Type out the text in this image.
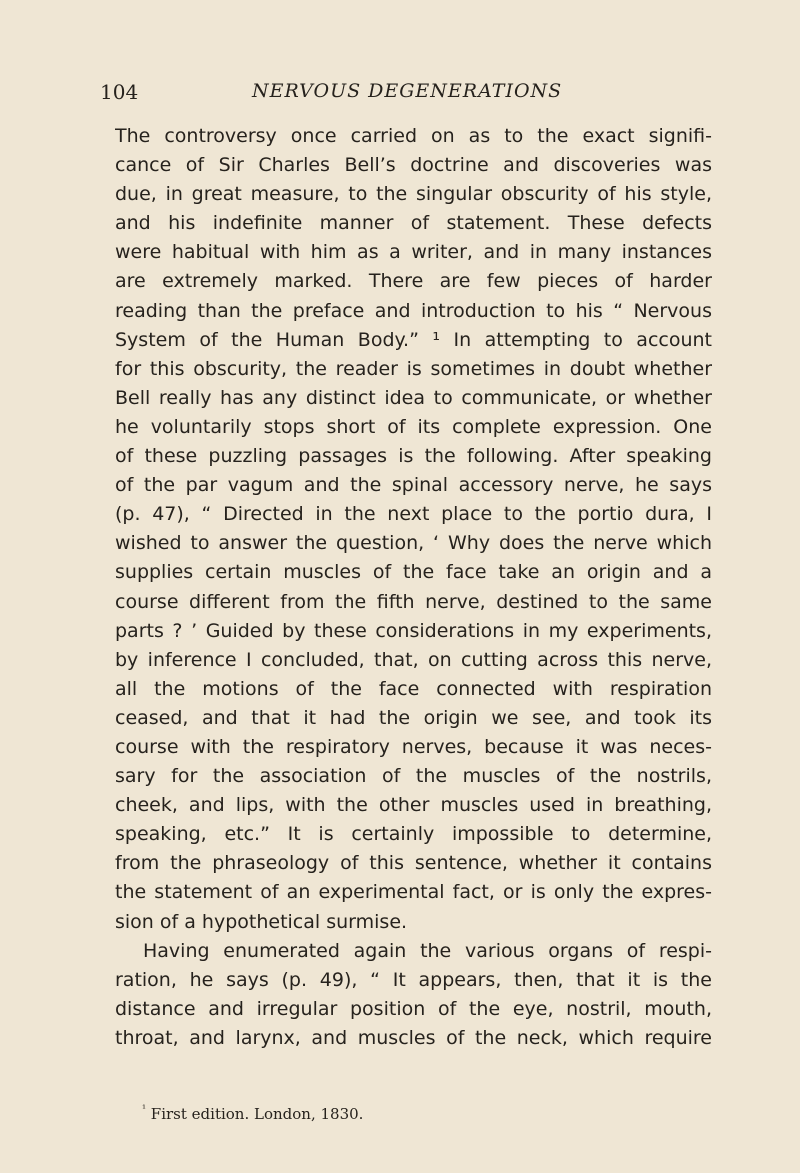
104	NERVOUS DEGENERATIONS
The controversy once carried on as to the exact signifi-
cance of Sir Charles Bell’s doctrine and discoveries was
due, in great measure, to the singular obscurity of his style,
and his indefinite manner of statement. These defects
were habitual with him as a writer, and in many instances
are extremely marked. There are few pieces of harder
reading than the preface and introduction to his “ Nervous
System of the Human Body.” ¹ In attempting to account
for this obscurity, the reader is sometimes in doubt whether
Bell really has any distinct idea to communicate, or whether
he voluntarily stops short of its complete expression. One
of these puzzling passages is the following. After speaking
of the par vagum and the spinal accessory nerve, he says
(p. 47), “ Directed in the next place to the portio dura, I
wished to answer the question, ‘ Why does the nerve which
supplies certain muscles of the face take an origin and a
course different from the fifth nerve, destined to the same
parts ? ’ Guided by these considerations in my experiments,
by inference I concluded, that, on cutting across this nerve,
all the motions of the face connected with respiration
ceased, and that it had the origin we see, and took its
course with the respiratory nerves, because it was neces-
sary for the association of the muscles of the nostrils,
cheek, and lips, with the other muscles used in breathing,
speaking, etc.” It is certainly impossible to determine,
from the phraseology of this sentence, whether it contains
the statement of an experimental fact, or is only the expres-
sion of a hypothetical surmise.
Having enumerated again the various organs of respi-
ration, he says (p. 49), “ It appears, then, that it is the
distance and irregular position of the eye, nostril, mouth,
throat, and larynx, and muscles of the neck, which require
$^{^1}$ First edition. London, 1830.
